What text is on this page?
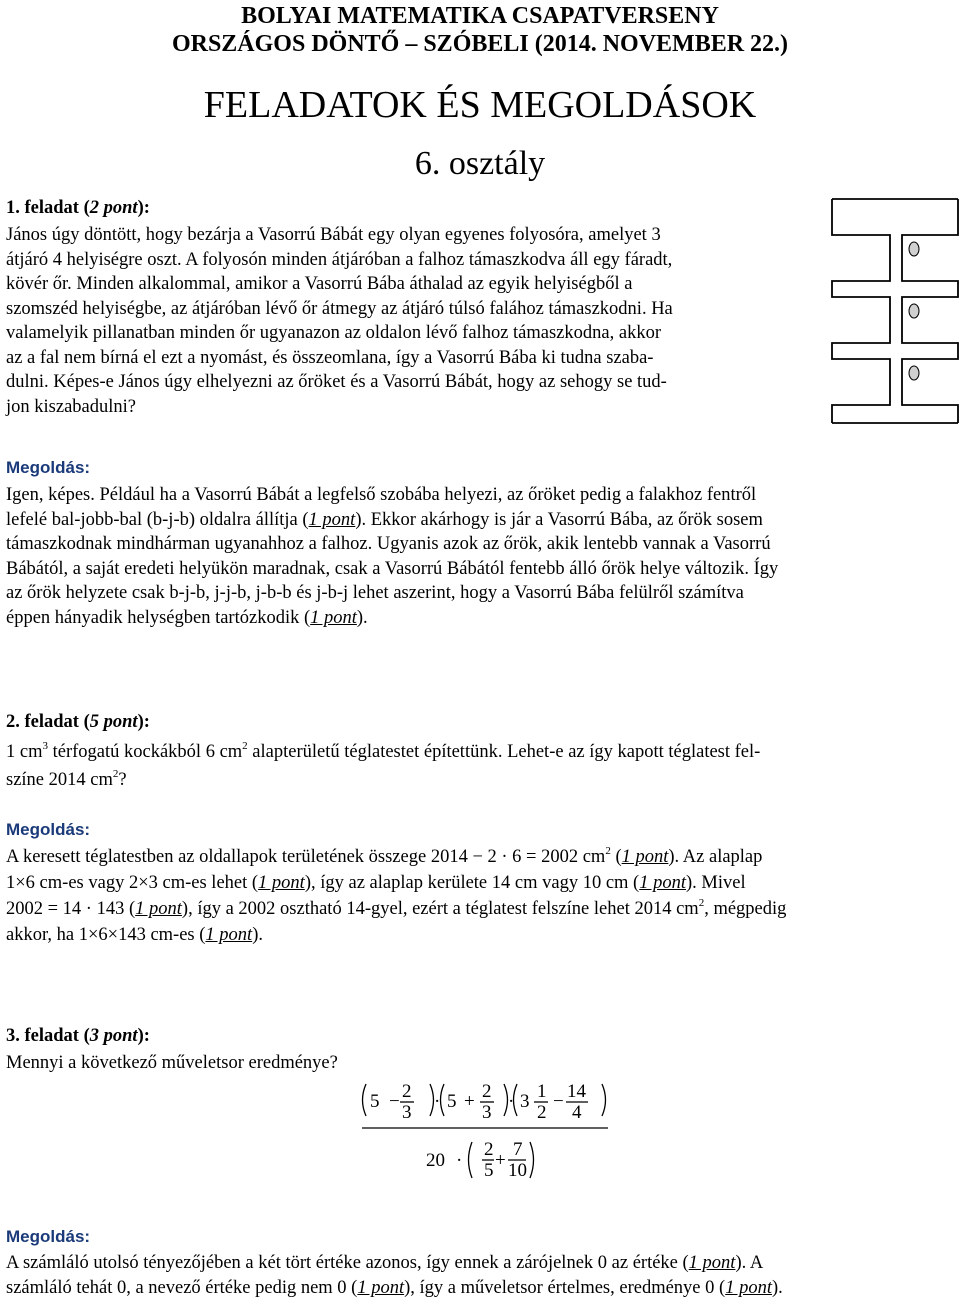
BOLYAI MATEMATIKA CSAPATVERSENY
ORSZÁGOS DÖNTŐ – SZÓBELI (2014. NOVEMBER 22.)
FELADATOK ÉS MEGOLDÁSOK
6. osztály
1. feladat (2 pont):
János úgy döntött, hogy bezárja a Vasorrú Bábát egy olyan egyenes folyosóra, amelyet 3
átjáró 4 helyiségre oszt. A folyosón minden átjáróban a falhoz támaszkodva áll egy fáradt,
kövér őr. Minden alkalommal, amikor a Vasorrú Bába áthalad az egyik helyiségből a
szomszéd helyiségbe, az átjáróban lévő őr átmegy az átjáró túlsó falához támaszkodni. Ha
valamelyik pillanatban minden őr ugyanazon az oldalon lévő falhoz támaszkodna, akkor
az a fal nem bírná el ezt a nyomást, és összeomlana, így a Vasorrú Bába ki tudna szaba-
dulni. Képes-e János úgy elhelyezni az őröket és a Vasorrú Bábát, hogy az sehogy se tud-
jon kiszabadulni?
Megoldás:
Igen, képes. Például ha a Vasorrú Bábát a legfelső szobába helyezi, az őröket pedig a falakhoz fentről
lefelé bal-jobb-bal (b-j-b) oldalra állítja (1 pont). Ekkor akárhogy is jár a Vasorrú Bába, az őrök sosem
támaszkodnak mindhárman ugyanahhoz a falhoz. Ugyanis azok az őrök, akik lentebb vannak a Vasorrú
Bábától, a saját eredeti helyükön maradnak, csak a Vasorrú Bábától fentebb álló őrök helye változik. Így
az őrök helyzete csak b-j-b, j-j-b, j-b-b és j-b-j lehet aszerint, hogy a Vasorrú Bába felülről számítva
éppen hányadik helységben tartózkodik (1 pont).
2. feladat (5 pont):
1 $cm^3$ térfogatú kockákból 6 $cm^2$ alapterületű téglatestet építettünk. Lehet-e az így kapott téglatest fel-
színe 2014 $cm^2$?
Megoldás:
A keresett téglatestben az oldallapok területének összege 2014 − 2 · 6 = 2002 $cm^2$ (1 pont). Az alaplap
1×6 cm-es vagy 2×3 cm-es lehet (1 pont), így az alaplap kerülete 14 cm vagy 10 cm (1 pont). Mivel
2002 = 14 · 143 (1 pont), így a 2002 osztható 14-gyel, ezért a téglatest felszíne lehet 2014 $cm^2$, mégpedig
akkor, ha 1×6×143 cm-es (1 pont).
3. feladat (3 pont):
Mennyi a következő műveletsor eredménye?
5 − 2
3
· 5 + 2
3
· 3 1
2
− 14
4
20 ·
2
5 +
7
10
Megoldás:
A számláló utolsó tényezőjében a két tört értéke azonos, így ennek a zárójelnek 0 az értéke (1 pont). A
számláló tehát 0, a nevező értéke pedig nem 0 (1 pont), így a műveletsor értelmes, eredménye 0 (1 pont).
